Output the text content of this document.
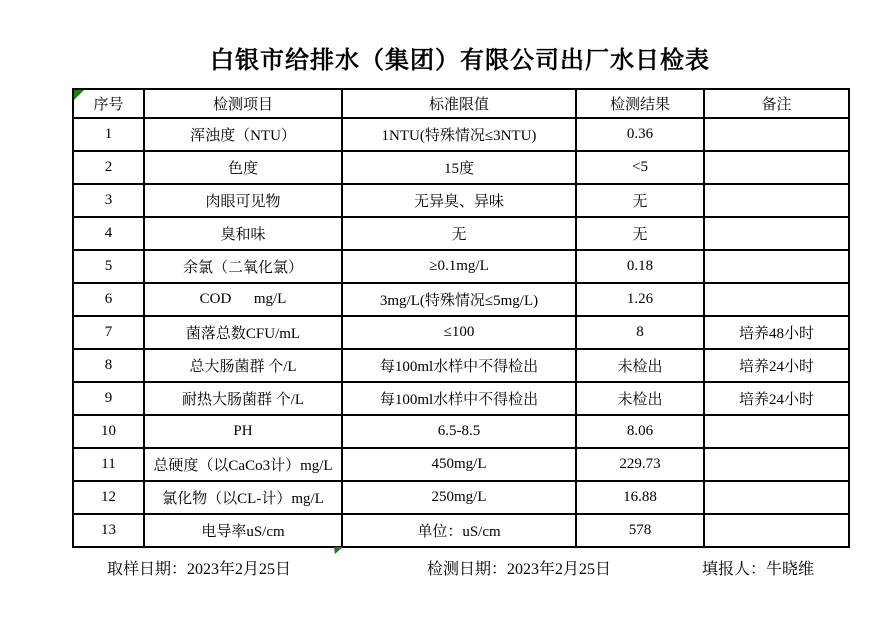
白银市给排水（集团）有限公司出厂水日检表
序号	检测项目	标准限值	检测结果	备注
1	浑浊度（NTU）	1NTU(特殊情况≤3NTU)	0.36	
2	色度	15度	<5	
3	肉眼可见物	无异臭、异味	无	
4	臭和味	无	无	
5	余氯（二氧化氯）	≥0.1mg/L	0.18	
6	COD      mg/L	3mg/L(特殊情况≤5mg/L)	1.26	
7	菌落总数CFU/mL	≤100	8	培养48小时
8	总大肠菌群 个/L	每100ml水样中不得检出	未检出	培养24小时
9	耐热大肠菌群 个/L	每100ml水样中不得检出	未检出	培养24小时
10	PH	6.5-8.5	8.06	
11	总硬度（以CaCo3计）mg/L	450mg/L	229.73	
12	氯化物（以CL-计）mg/L	250mg/L	16.88	
13	电导率uS/cm	单位：uS/cm	578	
取样日期：2023年2月25日	检测日期：2023年2月25日	填报人：牛晓维
